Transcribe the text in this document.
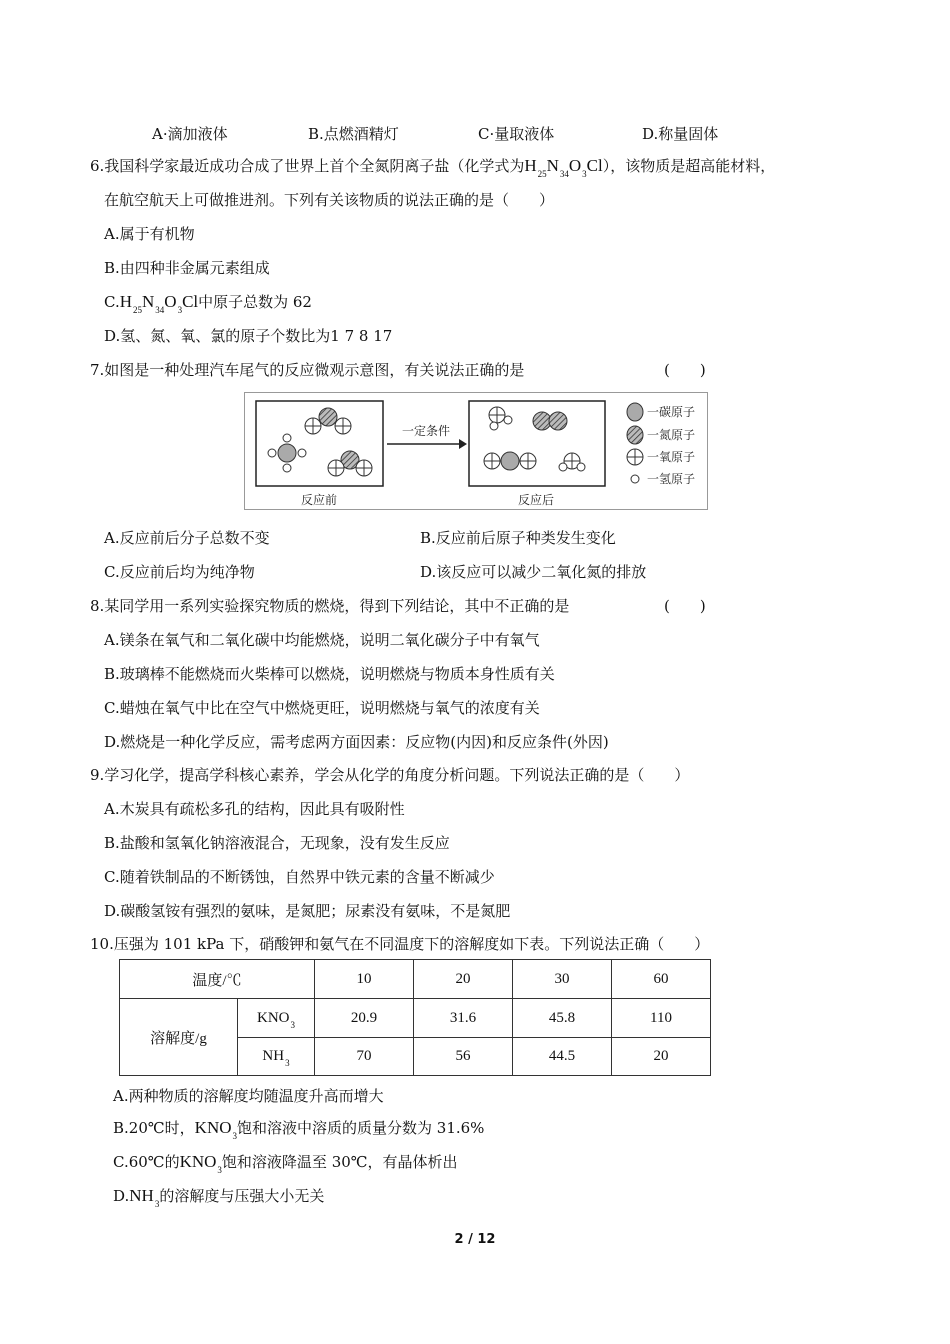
A·滴加液体	B.点燃酒精灯	C·量取液体	D.称量固体
6.我国科学家最近成功合成了世界上首个全氮阴离子盐（化学式为$H_{25}N_{34}O_3Cl$），该物质是超高能材料，
在航空航天上可做推进剂。下列有关该物质的说法正确的是（　　）
A.属于有机物
B.由四种非金属元素组成
$C.H_{25}N_{34}O_3Cl$中原子总数为 62
D.氢、氮、氧、氯的原子个数比为1 7 8 17
7.如图是一种处理汽车尾气的反应微观示意图，有关说法正确的是	(　　)
一定条件
一碳原子
一氮原子
一氧原子
一氢原子
反应前	反应后
A.反应前后分子总数不变	B.反应前后原子种类发生变化
C.反应前后均为纯净物	D.该反应可以减少二氧化氮的排放
8.某同学用一系列实验探究物质的燃烧，得到下列结论，其中不正确的是	(　　)
A.镁条在氧气和二氧化碳中均能燃烧，说明二氧化碳分子中有氧气
B.玻璃棒不能燃烧而火柴棒可以燃烧，说明燃烧与物质本身性质有关
C.蜡烛在氧气中比在空气中燃烧更旺，说明燃烧与氧气的浓度有关
D.燃烧是一种化学反应，需考虑两方面因素：反应物(内因)和反应条件(外因)
9.学习化学，提高学科核心素养，学会从化学的角度分析问题。下列说法正确的是（　　）
A.木炭具有疏松多孔的结构，因此具有吸附性
B.盐酸和氢氧化钠溶液混合，无现象，没有发生反应
C.随着铁制品的不断锈蚀，自然界中铁元素的含量不断减少
D.碳酸氢铵有强烈的氨味，是氮肥；尿素没有氨味，不是氮肥
10.压强为 101 kPa 下，硝酸钾和氨气在不同温度下的溶解度如下表。下列说法正确（　　）
温度/℃		10	20	30	60
溶解度/g	$KNO_3$	20.9	31.6	45.8	110
	$NH_3$	70	56	44.5	20
A.两种物质的溶解度均随温度升高而增大
B.20℃时，$KNO_3$饱和溶液中溶质的质量分数为 31.6%
C.60℃的$KNO_3$饱和溶液降温至 30℃，有晶体析出
$D.NH_3$的溶解度与压强大小无关
2 / 12
